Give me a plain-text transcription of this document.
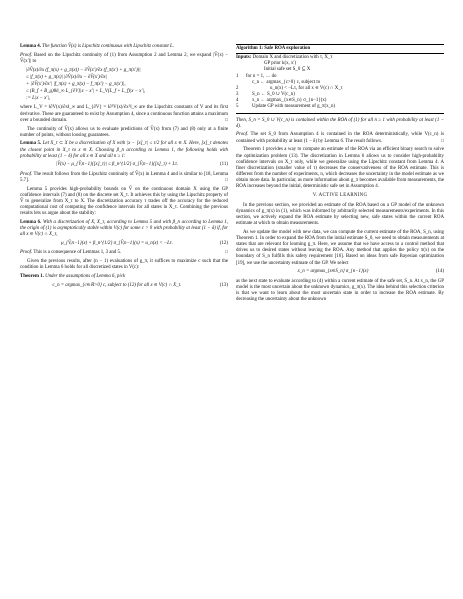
Lemma 4. The function V̂(x) is Lipschitz continuous with Lipschitz constant L.

Proof. Based on the Lipschitz continuity of (1) from Assumption 2 and Lemma 2, we expand |V̂(x) − V̂(x′)| to

|∂V̂(x)/∂x (f_π(x) + g_π(x)) − ∂V̂(x′)/∂x (f_π(x′) + g_π(x′))|
≤ |f_π(x) + g_π(x)| |∂V̂(x)/∂x − ∂V̂(x′)/∂x|
+ |∂V̂(x′)/∂x′| |f_π(x) + g_π(x) − f_π(x′) − g_π(x′)|,
≤ (B_f + B_g)‖k‖_∞ L_{∂V}|x − x′| + L_V(L_f + L_f)|x − x′|,
:= L|x − x′|,

where L_V = ‖∂V(x)/∂x‖_∞ and L_{∂V} = ‖∂²V(x)/∂x²‖_∞ are the Lipschitz constants of V and its first derivative. These are guaranteed to exist by Assumption 4, since a continuous function attains a maximum over a bounded domain.	□

The continuity of V̂(x) allows us to evaluate predictions of V̂(x) from (7) and (8) only at a finite number of points, without loosing guarantees.

Lemma 5. Let X_τ ⊂ X be a discretization of X with |x − [x]_τ| ≤ τ/2 for all x ∈ X. Here, [x]_τ denotes the closest point in X_τ to x ∈ X. Choosing β_n according to Lemma 1, the following holds with probability at least (1 − δ) for all x ∈ X and all n ≥ 1:

|V̂(x) − μ_{V̂,n−1}([x]_τ)| ≤ β_n^{1/2} σ_{V̂,n−1}([x]_τ) + Lτ.	(11)

Proof. The result follows from the Lipschitz continuity of V̂(x) in Lemma 4 and is similar to [18, Lemma 5.7].	□

Lemma 5 provides high-probability bounds on V̂ on the continuous domain X using the GP confidence intervals (7) and (8) on the discrete set X_τ. It achieves this by using the Lipschitz property of V̂ to generalize from X_τ to X. The discretization accuracy τ trades off the accuracy for the reduced computational cost of computing the confidence intervals for all states in X_τ. Combining the previous results lets us argue about the stability:

Lemma 6. With a discretization of X, X_τ, according to Lemma 5 and with β_n according to Lemma 1, the origin of (1) is asymptotically stable within V(c) for some c > 0 with probability at least (1 − δ) if, for all x ∈ V(c) ∩ X_τ,

μ_{V̂,n−1}(x) + β_n^{1/2} σ_{V̂,n−1}(x) = u_n(x) < −Lτ.	(12)

Proof. This is a consequence of Lemmas 1, 3 and 5.	□

Given the previous results, after (n − 1) evaluations of g_π, it suffices to maximize c such that the condition in Lemma 6 holds for all discretized states in V(c):

Theorem 1. Under the assumptions of Lemma 6, pick

c_n = argmax_{c∈ℝ>0} c, subject to (12) for all x ∈ V(c) ∩ X_τ.	(13)
Algorithm 1: Safe ROA exploration
Inputs: Domain X and discretization with τ, X_τ
GP prior k(x, x′)
Initial safe set S_0 ⊆ X
1	for n = 1, … do
c_n ← argmax_{c>0} c, subject to
2	u_n(x) < −Lτ, for all x ∈ V(c) ∩ X_τ
3	S_n ← S_0 ∪ V(c_n)
4	x_n ← argmax_{x∈S_n} σ_{n−1}(x)
5	Update GP with measurement of g_π(x_n)

Then, S_n = S_0 ∪ V(c_n) is contained within the ROA of (1) for all n ≥ 1 with probability at least (1 − δ).

Proof. The set S_0 from Assumption 4 is contained in the ROA deterministically, while V(c_n) is contained with probability at least (1 − δ) by Lemma 6. The result follows.	□

Theorem 1 provides a way to compute an estimate of the ROA via an efficient binary search to solve the optimization problem (13). The discretization in Lemma 6 allows us to consider high-probability confidence intervals on X_τ only, while we generalize using the Lipschitz constant from Lemma 4. A finer discretization (smaller value of τ) decreases the conservativeness of the ROA estimate. This is different from the number of experiments, n, which decreases the uncertainty in the model estimate as we obtain more data. In particular, as more information about g_π becomes available from measurements, the ROA increases beyond the initial, deterministic safe set in Assumption 4.

V. ACTIVE LEARNING

In the previous section, we provided an estimate of the ROA based on a GP model of the unknown dynamics of g_π(x) in (1), which was informed by arbitrarily selected measurements/experiments. In this section, we actively expand the ROA estimate by selecting new, safe states within the current ROA estimate at which to obtain measurements.

As we update the model with new data, we can compute the current estimate of the ROA, S_n, using Theorem 1. In order to expand the ROA from the initial estimate S_0, we need to obtain measurements at states that are relevant for learning g_π. Here, we assume that we have access to a control method that drives us to desired states without leaving the ROA. Any method that applies the policy π(x) on the boundary of S_n fulfills this safety requirement [16]. Based on ideas from safe Bayesian optimization [19], we use the uncertainty estimate of the GP. We select

x_n = argmax_{x∈S_n} σ_{n−1}(x)	(14)

as the next state to evaluate according to (4) within a current estimate of the safe set, S_n. At x_n, the GP model is the most uncertain about the unknown dynamics, g_π(x). The idea behind this selection criterion is that we want to learn about the most uncertain state in order to increase the ROA estimate. By decreasing the uncertainty about the unknown
